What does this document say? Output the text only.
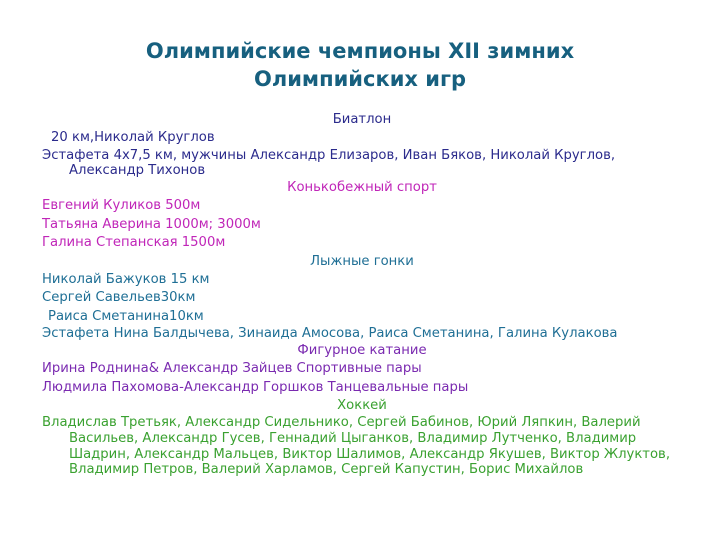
Олимпийские чемпионы XII зимних
Олимпийских игр

Биатлон

20 км,Николай Круглов

Эстафета 4х7,5 км, мужчины Александр Елизаров, Иван Бяков, Николай Круглов, Александр Тихонов

Конькобежный спорт

Евгений Куликов 500м

Татьяна Аверина 1000м; 3000м

Галина Степанская 1500м

Лыжные гонки

Николай Бажуков 15 км

Сергей Савельев30км

Раиса Сметанина10км

Эстафета Нина Балдычева, Зинаида Амосова, Раиса Сметанина, Галина Кулакова

Фигурное катание

Ирина Роднина& Александр Зайцев Спортивные пары

Людмила Пахомова-Александр Горшков Танцевальные пары

Хоккей

Владислав Третьяк, Александр Сидельнико, Сергей Бабинов, Юрий Ляпкин, Валерий Васильев, Александр Гусев, Геннадий Цыганков, Владимир Лутченко, Владимир Шадрин, Александр Мальцев, Виктор Шалимов, Александр Якушев, Виктор Жлуктов, Владимир Петров, Валерий Харламов, Сергей Капустин, Борис Михайлов
